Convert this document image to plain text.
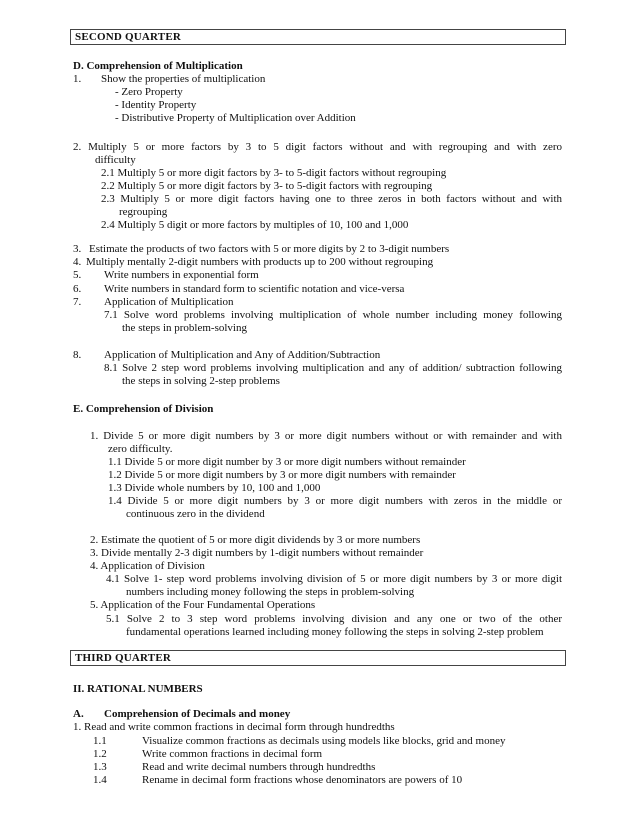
SECOND QUARTER
D. Comprehension of Multiplication
1. Show the properties of multiplication
- Zero Property
- Identity Property
- Distributive Property of Multiplication over Addition
2. Multiply 5 or more factors by 3 to 5 digit factors without and with regrouping and with zero
difficulty
2.1 Multiply 5 or more digit factors by 3- to 5-digit factors without regrouping
2.2 Multiply 5 or more digit factors by 3- to 5-digit factors with regrouping
2.3 Multiply 5 or more digit factors having one to three zeros in both factors without and with
regrouping
2.4 Multiply 5 digit or more factors by multiples of 10, 100 and 1,000
3. Estimate the products of two factors with 5 or more digits by 2 to 3-digit numbers
4. Multiply mentally 2-digit numbers with products up to 200 without regrouping
5. Write numbers in exponential form
6. Write numbers in standard form to scientific notation and vice-versa
7. Application of Multiplication
7.1 Solve word problems involving multiplication of whole number including money following
the steps in problem-solving
8. Application of Multiplication and Any of Addition/Subtraction
8.1 Solve 2 step word problems involving multiplication and any of addition/ subtraction following
the steps in solving 2-step problems
E. Comprehension of Division
1. Divide 5 or more digit numbers by 3 or more digit numbers without or with remainder and with
zero difficulty.
1.1 Divide 5 or more digit number by 3 or more digit numbers without remainder
1.2 Divide 5 or more digit numbers by 3 or more digit numbers with remainder
1.3 Divide whole numbers by 10, 100 and 1,000
1.4 Divide 5 or more digit numbers by 3 or more digit numbers with zeros in the middle or
continuous zero in the dividend
2. Estimate the quotient of 5 or more digit dividends by 3 or more numbers
3. Divide mentally 2-3 digit numbers by 1-digit numbers without remainder
4. Application of Division
4.1 Solve 1- step word problems involving division of 5 or more digit numbers by 3 or more digit
numbers including money following the steps in problem-solving
5. Application of the Four Fundamental Operations
5.1 Solve 2 to 3 step word problems involving division and any one or two of the other
fundamental operations learned including money following the steps in solving 2-step problem
THIRD QUARTER
II. RATIONAL NUMBERS
A. Comprehension of Decimals and money
1. Read and write common fractions in decimal form through hundredths
1.1	Visualize common fractions as decimals using models like blocks, grid and money
1.2	Write common fractions in decimal form
1.3	Read and write decimal numbers through hundredths
1.4	Rename in decimal form fractions whose denominators are powers of 10
